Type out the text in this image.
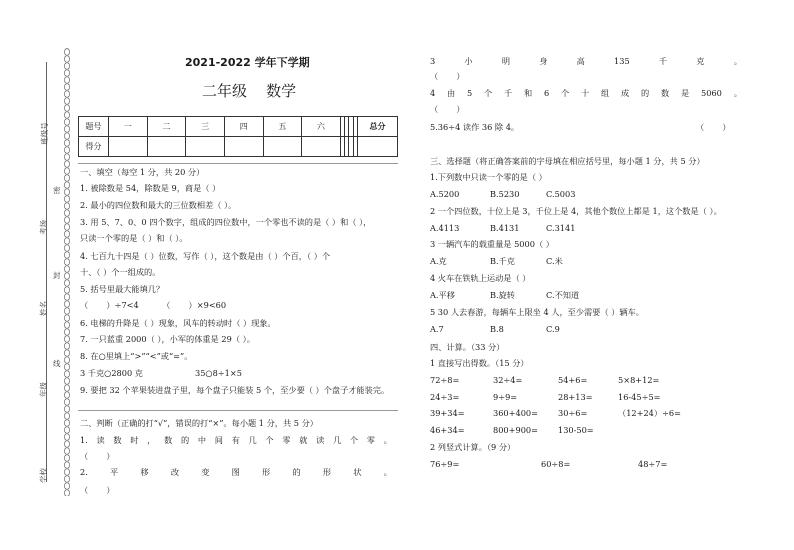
班级号
密
考场
封
姓名
线
年级
学校
2021-2022 学年下学期
二年级    数学
题号	一	二	三	四	五	六					总分
得分											
一、填空（每空 1 分，共 20 分）
1. 被除数是 54，除数是 9，商是（ ）
2. 最小的四位数和最大的三位数相差（ ）。
3. 用 5、7、0、0 四个数字，组成的四位数中，一个零也不读的是（ ）和（ ），
只读一个零的是（ ）和（ ）。
4. 七百九十四是（ ）位数，写作（ ），这个数是由（ ）个百，（ ）个
十、（ ）个一组成的。
5. 括号里最大能填几？
（       ）÷7<4         （       ）×9<60
6. 电梯的升降是（ ）现象，风车的转动时（ ）现象。
7. 一只蓝重 2000（ ），小军的体重是 29（ ）。
8. 在○里填上“>”“<”或“=”。
3 千克○2800 克                    35○8÷1×5
9. 要把 32 个苹果装进盘子里，每个盘子只能装 5 个，至少要（ ）个盘子才能装完。
二、判断（正确的打“√”，错误的打“×”。每小题 1 分，共 5 分）
1. 读 数 时 ， 数 的 中 间 有 几 个 零 就 读 几 个 零 。
（       ）
2.	平	移	改	变	图	形	的	形	状	。
（       ）
3	小	明	身	高	135	千	克	。
（       ）
4 由 5 个 千 和 6 个 十 组 成 的 数 是 5060 。
（       ）
5.36÷4 读作 36 除 4。	（       ）
三、选择题（将正确答案前的字母填在相应括号里，每小题 1 分，共 5 分）
1.下列数中只读一个零的是（ ）
A.5200	B.5230	C.5003
2 一个四位数，十位上是 3，千位上是 4，其他个数位上都是 1，这个数是（ ）。
A.4113	B.4131	C.3141
3 一辆汽车的载重量是 5000（ ）
A.克	B.千克	C.米
4 火车在铁轨上运动是（ ）
A.平移	B.旋转	C.不知道
5 30 人去春游，每辆车上限坐 4 人，至少需要（ ）辆车。
A.7	B.8	C.9
四、计算。（33 分）
1 直接写出得数。（15 分）
72÷8=	32÷4=	54+6=	5×8+12=
24÷3=	9÷9=	28+13=	16-45÷5=
39+34=	360+400= 30÷6=	（12+24）÷6=
46+34=	800+900= 130-50=
2 列竖式计算。（9 分）
76÷9=	60÷8=	48÷7=
